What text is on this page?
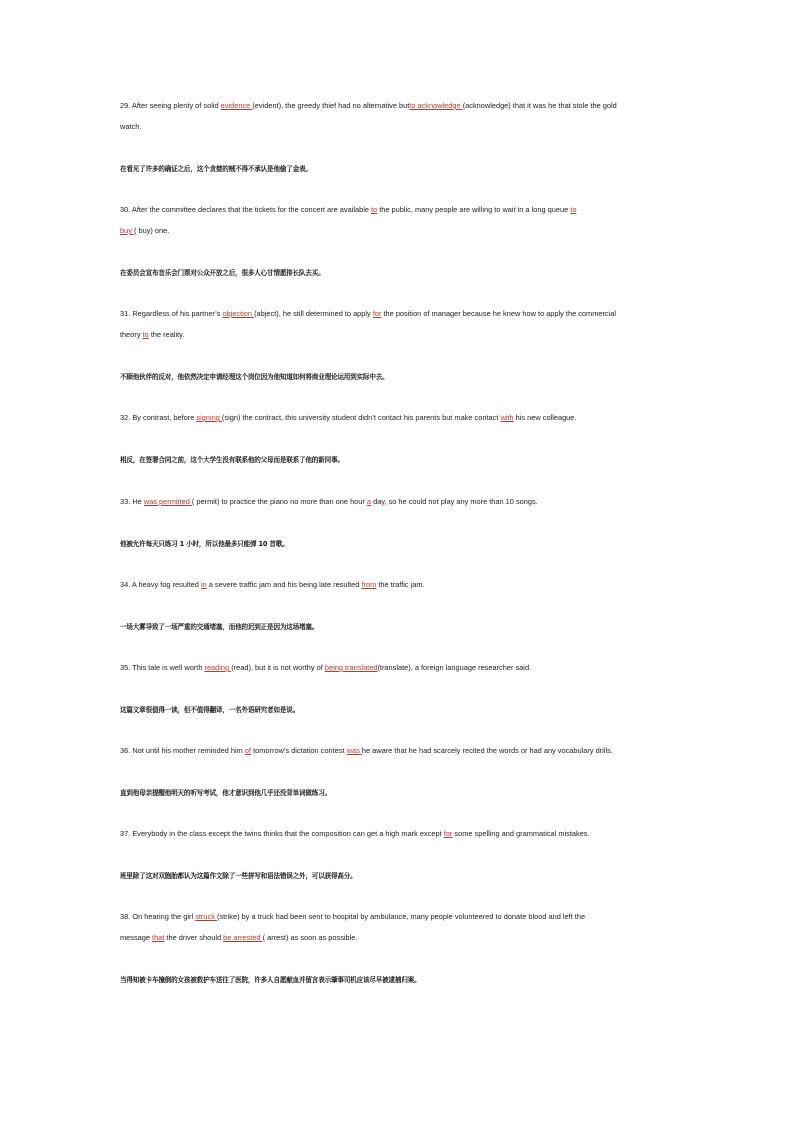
29. After seeing plenty of solid evidence (evident), the greedy thief had no alternative butto acknowledge (acknowledge) that it was he that stole the gold
watch.
在看见了许多的确证之后，这个贪婪的贼不得不承认是他偷了金表。
30. After the committee declares that the tickets for the concert are available to the public, many people are willing to wait in a long queue to
buy ( buy) one.
在委员会宣布音乐会门票对公众开放之后，很多人心甘情愿排长队去买。
31. Regardless of his partner’s objection (abject), he still determined to apply for the position of manager because he knew how to apply the commercial
theory to the reality.
不顾他伙伴的反对，他依然决定申请经理这个岗位因为他知道如何将商业理论运用到实际中去。
32. By contrast, before signing (sign) the contract, this university student didn’t contact his parents but make contact with his new colleague.
相反，在签署合同之前，这个大学生没有联系他的父母而是联系了他的新同事。
33. He was permitted ( permit) to practice the piano no more than one hour a day, so he could not play any more than 10 songs.
他被允许每天只练习 1 小时，所以他最多只能弹 10 首歌。
34. A heavy fog resulted in a severe traffic jam and his being late resulted from the traffic jam.
一场大雾导致了一场严重的交通堵塞，而他的迟到正是因为这场堵塞。
35. This tale is well worth reading (read), but it is not worthy of being translated(translate), a foreign language researcher said.
这篇文章很值得一读，但不值得翻译，一名外语研究者如是说。
36. Not until his mother reminded him of tomorrow’s dictation contest was he aware that he had scarcely recited the words or had any vocabulary drills.
直到他母亲提醒他明天的听写考试，他才意识到他几乎还没背单词做练习。
37. Everybody in the class except the twins thinks that the composition can get a high mark except for some spelling and grammatical mistakes.
班里除了这对双胞胎都认为这篇作文除了一些拼写和语法错误之外，可以获得高分。
38. On hearing the girl struck (strike) by a truck had been sent to hospital by ambulance, many people volunteered to donate blood and left the
message that the driver should be arrested ( arrest) as soon as possible.
当得知被卡车撞倒的女孩被救护车送往了医院，许多人自愿献血并留言表示肇事司机应该尽早被逮捕归案。
